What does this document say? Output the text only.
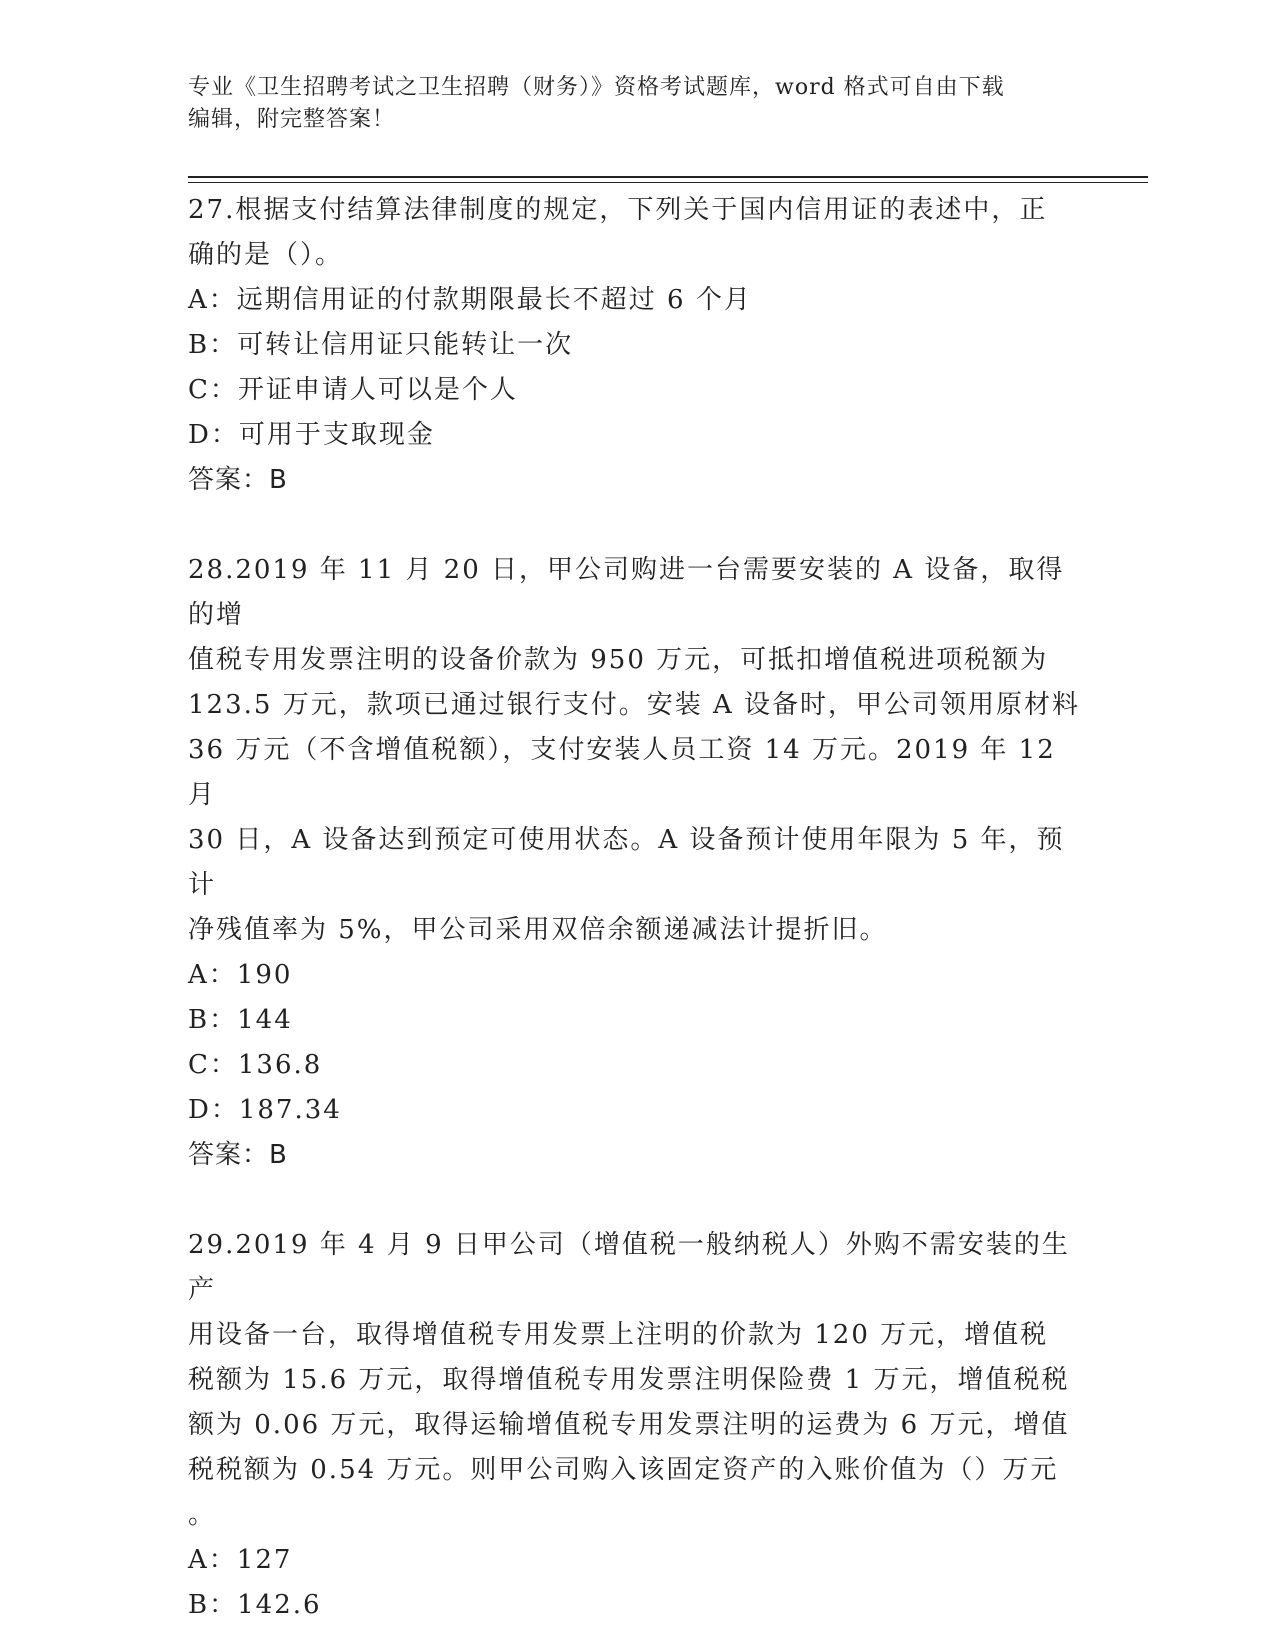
专业《卫生招聘考试之卫生招聘（财务）》资格考试题库，word 格式可自由下载
编辑，附完整答案！

27.根据支付结算法律制度的规定，下列关于国内信用证的表述中，正

确的是（）。

A：远期信用证的付款期限最长不超过 6 个月

B：可转让信用证只能转让一次

C：开证申请人可以是个人

D：可用于支取现金

答案：B

28.2019 年 11 月 20 日，甲公司购进一台需要安装的 A 设备，取得的增

值税专用发票注明的设备价款为 950 万元，可抵扣增值税进项税额为

123.5 万元，款项已通过银行支付。安装 A 设备时，甲公司领用原材料

36 万元（不含增值税额），支付安装人员工资 14 万元。2019 年 12 月

30 日，A 设备达到预定可使用状态。A 设备预计使用年限为 5 年，预计

净残值率为 5%，甲公司采用双倍余额递减法计提折旧。

A：190

B：144

C：136.8

D：187.34

答案：B

29.2019 年 4 月 9 日甲公司（增值税一般纳税人）外购不需安装的生产

用设备一台，取得增值税专用发票上注明的价款为 120 万元，增值税

税额为 15.6 万元，取得增值税专用发票注明保险费 1 万元，增值税税

额为 0.06 万元，取得运输增值税专用发票注明的运费为 6 万元，增值

税税额为 0.54 万元。则甲公司购入该固定资产的入账价值为（）万元

。

A：127

B：142.6
